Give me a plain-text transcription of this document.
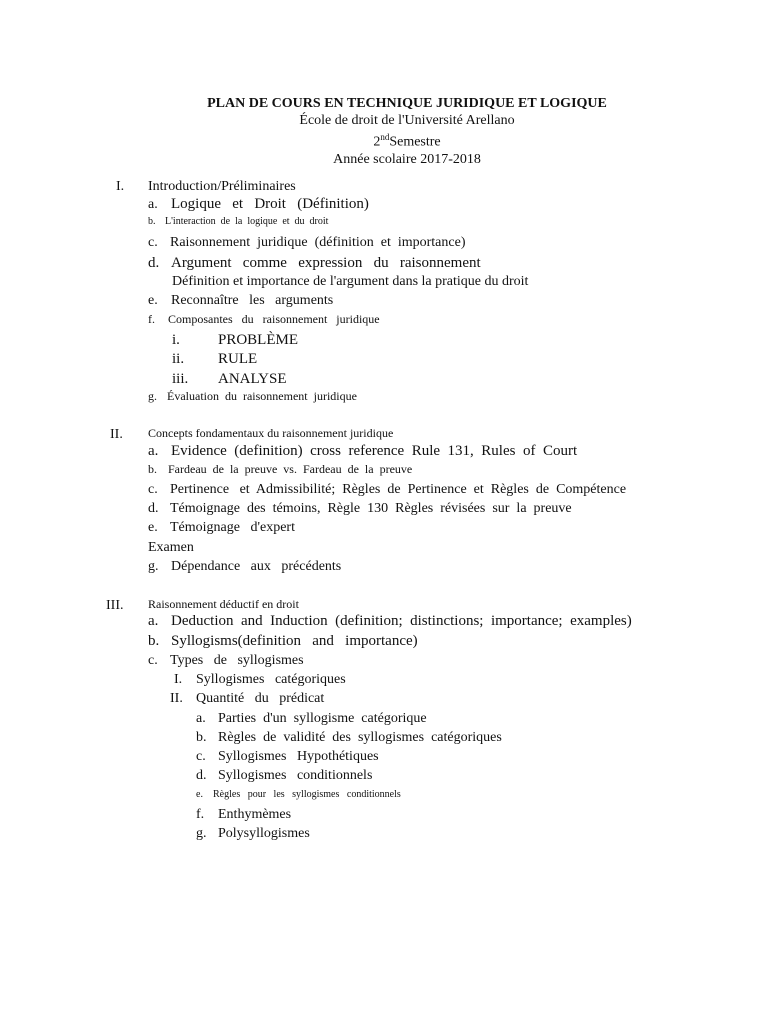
PLAN DE COURS EN TECHNIQUE JURIDIQUE ET LOGIQUE
École de droit de l'Université Arellano
2ndSemestre
Année scolaire 2017-2018
I. Introduction/Préliminaires
a. Logique   et   Droit   (Définition)
b. L'interaction  de  la  logique  et  du  droit
c. Raisonnement  juridique  (définition  et  importance)
d. Argument   comme   expression   du   raisonnement
Définition et importance de l'argument dans la pratique du droit
e. Reconnaître   les   arguments
f. Composantes   du   raisonnement   juridique
i.	PROBLÈME
ii. RULE
iii. ANALYSE
g. Évaluation  du  raisonnement  juridique
II. Concepts fondamentaux du raisonnement juridique
a. Evidence  (definition)  cross  reference  Rule  131,  Rules  of  Court
b. Fardeau  de  la  preuve  vs.  Fardeau  de  la  preuve
c. Pertinence   et  Admissibilité;  Règles  de  Pertinence  et  Règles  de  Compétence
d. Témoignage  des  témoins,  Règle  130  Règles  révisées  sur  la  preuve
e. Témoignage   d'expert
Examen
g. Dépendance   aux   précédents
III. Raisonnement déductif en droit
a. Deduction  and  Induction  (definition;  distinctions;  importance;  examples)
b. Syllogisms(definition   and   importance)
c. Types   de   syllogismes
I. Syllogismes   catégoriques
II. Quantité   du   prédicat
a. Parties  d'un  syllogisme  catégorique
b. Règles  de  validité  des  syllogismes  catégoriques
c. Syllogismes   Hypothétiques
d. Syllogismes   conditionnels
e. Règles   pour   les   syllogismes   conditionnels
f. Enthymèmes
g. Polysyllogismes
